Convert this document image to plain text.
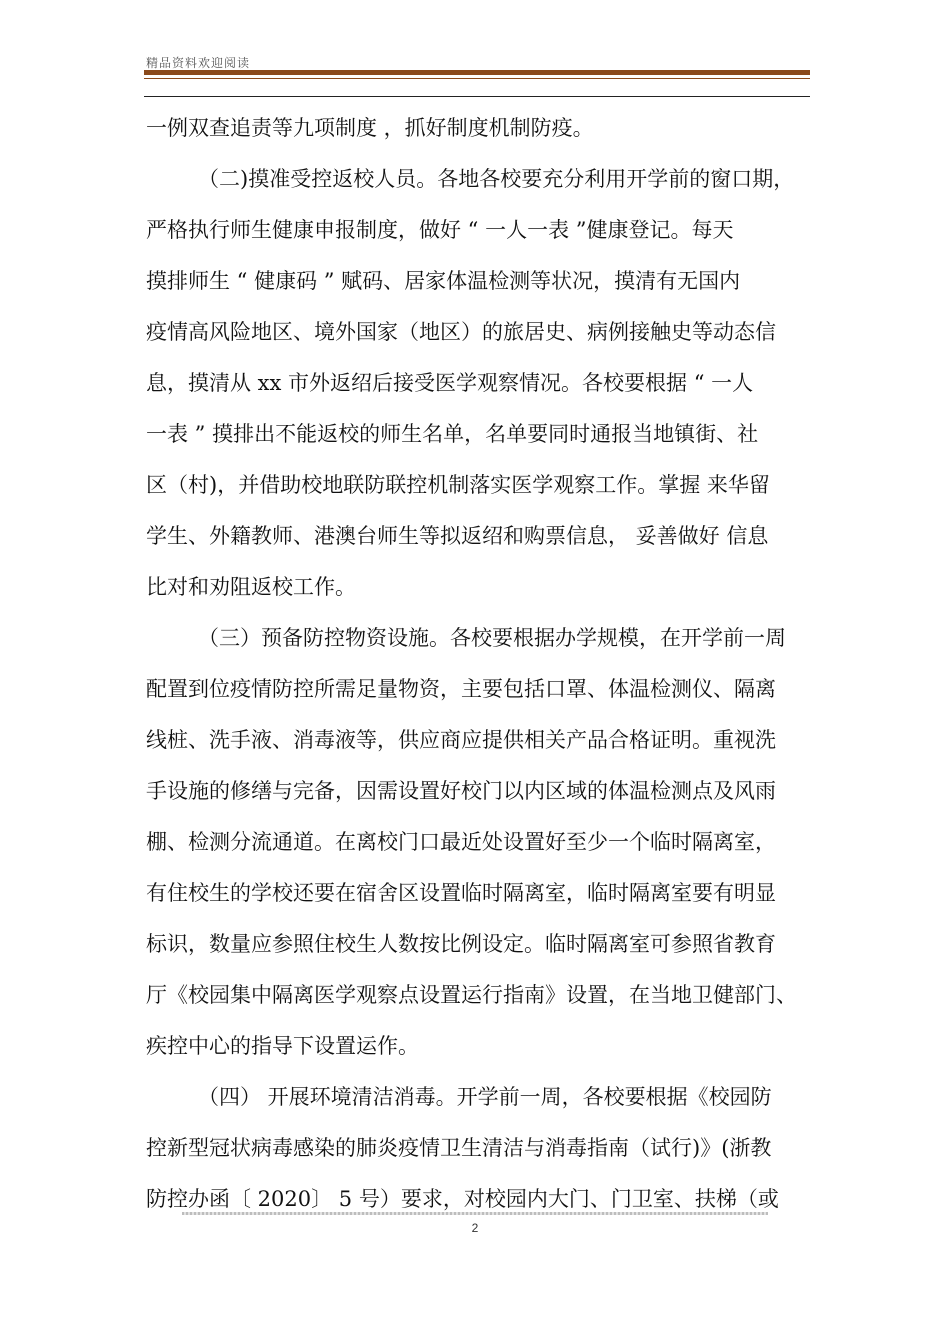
精品资料欢迎阅读
一例双查追责等九项制度 ，抓好制度机制防疫。
（二)摸准受控返校人员。各地各校要充分利用开学前的窗口期，
严格执行师生健康申报制度，做好 “ 一人一表 ”健康登记。每天
摸排师生 “ 健康码 ” 赋码、居家体温检测等状况，摸清有无国内
疫情高风险地区、境外国家（地区）的旅居史、病例接触史等动态信
息，摸清从 xx 市外返绍后接受医学观察情况。各校要根据 “ 一人
一表 ” 摸排出不能返校的师生名单，名单要同时通报当地镇街、社
区（村)，并借助校地联防联控机制落实医学观察工作。掌握 来华留
学生、外籍教师、港澳台师生等拟返绍和购票信息， 妥善做好 信息
比对和劝阻返校工作。
（三）预备防控物资设施。各校要根据办学规模，在开学前一周
配置到位疫情防控所需足量物资，主要包括口罩、体温检测仪、隔离
线桩、洗手液、消毒液等，供应商应提供相关产品合格证明。重视洗
手设施的修缮与完备，因需设置好校门以内区域的体温检测点及风雨
棚、检测分流通道。在离校门口最近处设置好至少一个临时隔离室，
有住校生的学校还要在宿舍区设置临时隔离室，临时隔离室要有明显
标识，数量应参照住校生人数按比例设定。临时隔离室可参照省教育
厅《校园集中隔离医学观察点设置运行指南》设置，在当地卫健部门、
疾控中心的指导下设置运作。
（四） 开展环境清洁消毒。开学前一周，各校要根据《校园防
控新型冠状病毒感染的肺炎疫情卫生清洁与消毒指南（试行)》(浙教
防控办函〔 2020〕 5 号）要求，对校园内大门、门卫室、扶梯（或
2
